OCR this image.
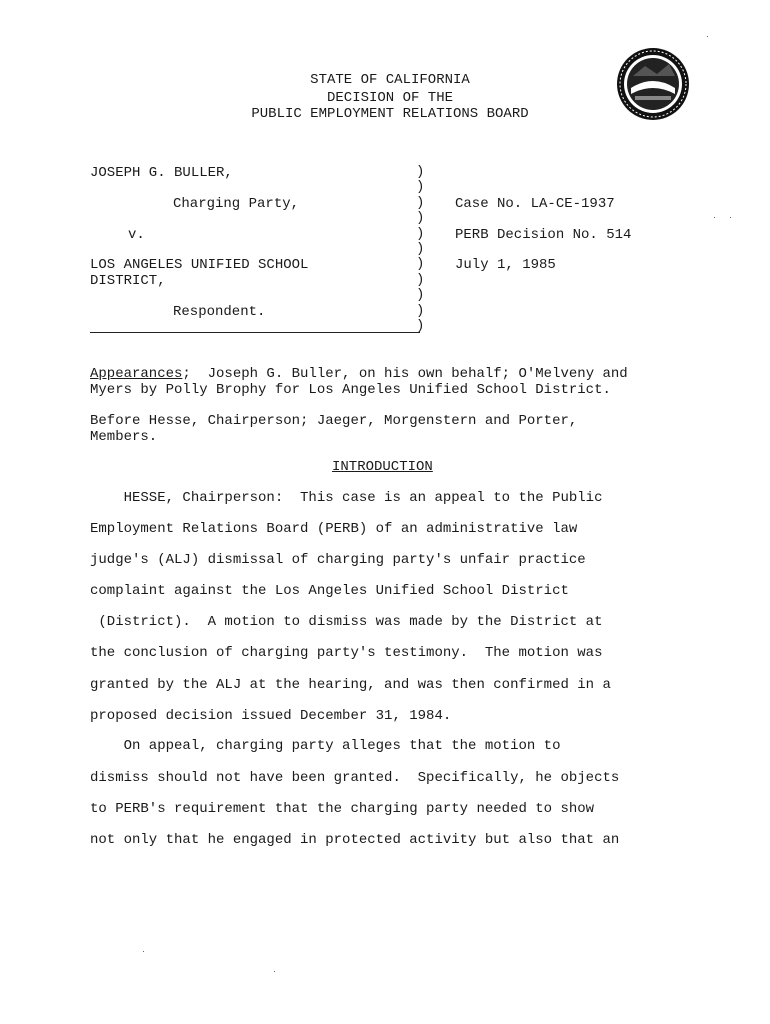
STATE OF CALIFORNIA
DECISION OF THE
PUBLIC EMPLOYMENT RELATIONS BOARD
JOSEPH G. BULLER,
Charging Party,
v.
LOS ANGELES UNIFIED SCHOOL
DISTRICT,
Respondent.
)
)
)
)
)
)
)
)
)
)
)
Case No. LA-CE-1937
PERB Decision No. 514
July 1, 1985
Appearances;  Joseph G. Buller, on his own behalf; O'Melveny and
Myers by Polly Brophy for Los Angeles Unified School District.
Before Hesse, Chairperson; Jaeger, Morgenstern and Porter,
Members.
INTRODUCTION
HESSE, Chairperson:  This case is an appeal to the Public
Employment Relations Board (PERB) of an administrative law
judge's (ALJ) dismissal of charging party's unfair practice
complaint against the Los Angeles Unified School District
(District).  A motion to dismiss was made by the District at
the conclusion of charging party's testimony.  The motion was
granted by the ALJ at the hearing, and was then confirmed in a
proposed decision issued December 31, 1984.
On appeal, charging party alleges that the motion to
dismiss should not have been granted.  Specifically, he objects
to PERB's requirement that the charging party needed to show
not only that he engaged in protected activity but also that an
